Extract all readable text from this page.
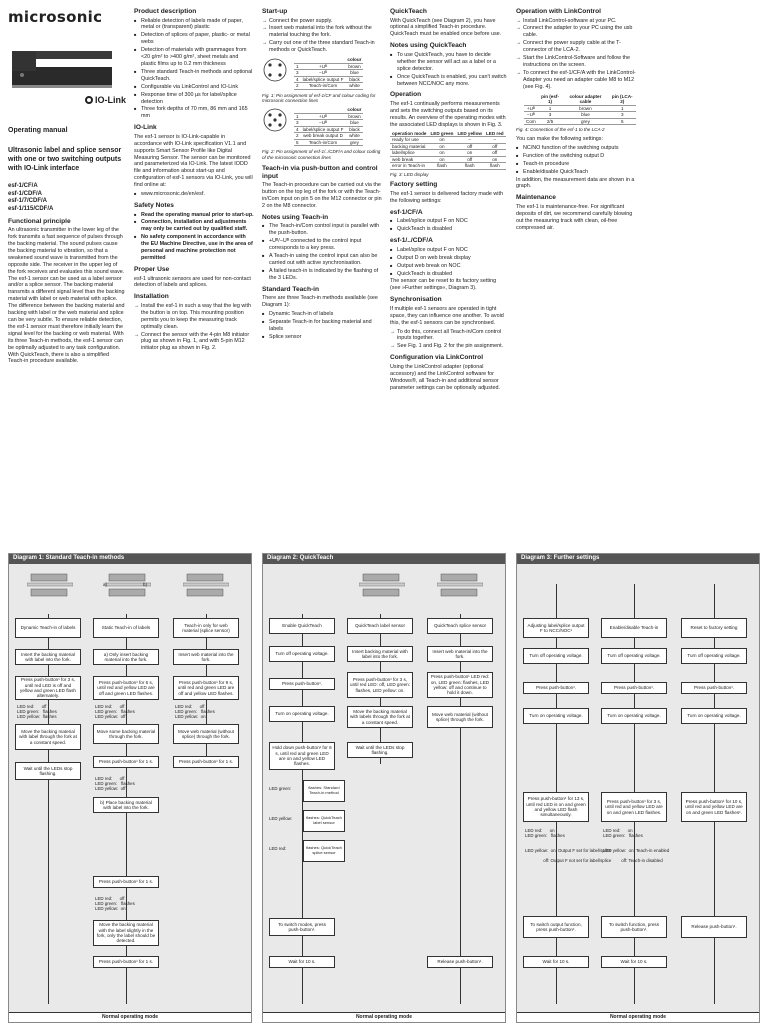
microsonic
IO-Link
Operating manual
Ultrasonic label and splice sensor with one or two switching outputs with IO-Link interface
esf-1/CF/A
esf-1/CDF/A
esf-1/7/CDF/A
esf-1/115/CDF/A
Functional principle

An ultrasonic transmitter in the lower leg of the fork transmits a fast sequence of pulses through the backing material. The sound pulses cause the backing material to vibration, so that a weakened sound wave is transmitted from the opposite side. The receiver in the upper leg of the fork receives and evaluates this sound wave. The esf-1 sensor can be used as a label sensor and/or a splice sensor. The backing material transmits a different signal level than the backing material with label or web material with splice. The difference between the backing material and backing with label or the web material and splice can be very subtle. To ensure reliable detection, the esf-1 sensor must therefore initially learn the signal level for the backing or web material. With its three Teach-in methods, the esf-1 sensor can be optimally adjusted to any task configuration. With QuickTeach, there is also a simplified Teach-in procedure available.

Product description
■ Reliable detection of labels made of paper, metal or (transparent) plastic
■ Detection of splices of paper, plastic- or metal webs
■ Detection of materials with grammages from <20 g/m² to >400 g/m², sheet metals and plastic films up to 0.2 mm thickness
■ Three standard Teach-in methods and optional QuickTeach.
■ Configurable via LinkControl and IO-Link
■ Response time of 300 µs for label/splice detection
■ Three fork depths of 70 mm, 86 mm and 165 mm
IO-Link

The esf-1 sensor is IO-Link-capable in accordance with IO-Link specification V1.1 and supports Smart Sensor Profile like Digital Measuring Sensor. The sensor can be monitored and parameterized via IO-Link. The latest IODD file and information about start-up and configuration of esf-1 sensors via IO-Link, you will find online at:

■ www.microsonic.de/en/esf.
Safety Notes
■ Read the operating manual prior to start-up.
■ Connection, installation and adjustments may only be carried out by qualified staff.
■ No safety component in accordance with the EU Machine Directive, use in the area of personal and machine protection not permitted
Proper Use

esf-1 ultrasonic sensors are used for non-contact detection of labels and splices.

Installation
→ Install the esf-1 in such a way that the leg with the button is on top. This mounting position permits you to keep the measuring track optimally clean.
→ Connect the sensor with the 4-pin M8 initiator plug as shown in Fig. 1, and with 5-pin M12 initiator plug as shown in Fig. 2.
Start-up
→ Connect the power supply.
→ Insert web material into the fork without the material touching the fork.
→ Carry out one of the three standard Teach-in methods or QuickTeach.
		colour
1	+Uᴮ	brown
3	−Uᴮ	blue
4	label/splice output F	black
2	Teach-in/Com	white
Fig. 1: Pin assignment of esf-1/CF and colour coding for microsonic connection lines
		colour
1	+Uᴮ	brown
3	−Uᴮ	blue
4	label/splice output F	black
2	web break output D	white
5	Teach-in/Com	grey
Fig. 2: Pin assignment of esf-1/../CDF/A and colour coding of the microsonic connection lines
Teach-in via push-button and control input

The Teach-in procedure can be carried out via the button on the top leg of the fork or with the Teach-in/Com input on pin 5 on the M12 connector or pin 2 on the M8 connector.

Notes using Teach-in
■ The Teach-in/Com control input is parallel with the push-button.
■ +Uᴮ/−Uᴮ connected to the control input corresponds to a key press.
■ A Teach-in using the control input can also be carried out with active synchronisation.
■ A failed teach-in is indicated by the flashing of the 3 LEDs.
Standard Teach-in

There are three Teach-in methods available (see Diagram 1):

■ Dynamic Teach-in of labels
■ Separate Teach-in for backing material and labels
■ Splice sensor
QuickTeach

With QuickTeach (see Diagram 2), you have optional a simplified Teach-in procedure. QuickTeach must be enabled once before use.

Notes using QuickTeach
■ To use QuickTeach, you have to decide whether the sensor will act as a label or a splice detector.
■ Once QuickTeach is enabled, you can't switch between NCC/NOC any more.
Operation

The esf-1 continually performs measurements and sets the switching outputs based on its results. An overview of the operating modes with the associated LED displays is shown in Fig. 3.

operation mode	LED green	LED yellow	LED red
ready for use	on	–	–
backing material	on	off	off
label/splice	on	on	off
web break	on	off	on
error in Teach-in	flash	flash	flash
Fig. 3: LED display
Factory setting

The esf-1 sensor is delivered factory made with the following settings:

esf-1/CF/A
■ Label/splice output F on NOC
■ QuickTeach is disabled
esf-1/../CDF/A
■ Label/splice output F on NOC
■ Output D on web break display
■ Output web break on NOC
■ QuickTeach is disabled

The sensor can be reset to its factory setting (see »Further settings«, Diagram 3).

Synchronisation

If multiple esf-1 sensors are operated in tight space, they can influence one another. To avoid this, the esf-1 sensors can be synchronised.

→ To do this, connect all Teach-in/Com control inputs together.
→ See Fig. 1 and Fig. 2 for the pin assignment.
Configuration via LinkControl

Using the LinkControl adapter (optional accessory) and the LinkControl software for Windows®, all Teach-in and additional sensor parameter settings can be optionally adjusted.

Operation with LinkControl
→ Install LinkControl-software at your PC.
→ Connect the adapter to your PC using the usb cable.
→ Connect the power supply cable at the T-connector of the LCA-2.
→ Start the LinkControl-Software and follow the instructions on the screen.
→ To connect the esf-1/CF/A with the LinkControl-Adapter you need an adapter cable M8 to M12 (see Fig. 4).
	pin (esf-1)	colour adapter cable	pin (LCA-2)
+Uᴮ	1	brown	1
−Uᴮ	3	blue	3
Com	2/5	grey	5
Fig. 4: Connection of the esf-1 to the LCA-2

You can make the following settings:

■ NC/NO function of the switching outputs
■ Function of the switching output D
■ Teach-in procedure
■ Enable/disable QuickTeach

In addition, the measurement data are shown in a graph.

Maintenance

The esf-1 is maintenance-free. For significant deposits of dirt, we recommend carefully blowing out the measuring track with clean, oil-free compressed air.

Diagram 1: Standard Teach-in methods
a)	b)
Dynamic Teach-in of labels	Static Teach-in of labels
Teach-in only for web material (splice sensor)
Insert the backing material with label into the fork.
Press push-button¹ for 3 s, until red LED is off and yellow and green LED flash alternately.
LED red:      off
LED green:   flashes
LED yellow:  flashes
Move the backing material with label through the fork at a constant speed.
Wait until the LEDs stop flashing.
a) Only insert backing material into the fork.
Press push-button¹ for 6 s, until red and yellow LED are off and green LED flashes.
LED red:      off
LED green:   flashes
LED yellow:  off
Move some backing material through the fork.
Press push-button¹ for 1 s.
LED red:      off
LED green:   flashes
LED yellow:  off
b) Place backing material with label into the fork.
Press push-button¹ for 1 s.
LED red:      off
LED green:   flashes
LED yellow:  on
Move the backing material with the label slightly in the fork, only the label should be detected.
Press push-button¹ for 1 s.
Insert web material into the fork.
Press push-button¹ for 9 s, until red and green LED are off and yellow LED flashes.
LED red:      off
LED green:   flashes
LED yellow:  on
Move web material (without splice) through the fork.
Press push-button¹ for 1 s.
Normal operating mode
Diagram 2: QuickTeach
Enable QuickTeach	QuickTeach label sensor	QuickTeach splice sensor
Turn off operating voltage.
Press push-button¹.
Turn on operating voltage.
Hold down push-button¹ for 6 s, until red and green LED are on and yellow LED flashes.
LED green:
LED yellow:
LED red:
flashes: Standard Teach-in method
flashes: QuickTeach label sensor
flashes: QuickTeach splice sensor
To switch modes, press push-button¹.
Wait for 10 s.
Insert backing material with label into the fork.
Press push-button¹ for 3 s, until red LED: off, LED green: flashes, LED yellow: on.
Move the backing material with labels through the fork at a constant speed.
Wait until the LEDs stop flashing.
Insert web material into the fork.
Press push-button¹ LED red: on, LED green: flashes, LED yellow: off and continue to hold it down.
Move web material (without splice) through the fork.
Release push-button¹.
Normal operating mode
Diagram 3: Further settings
Adjusting label/splice output F to NCC/NOC¹
Enable/disable Teach-in	Reset to factory setting
Turn off operating voltage.
Press push-button¹.
Turn on operating voltage.
Press push-button¹ for 13 s, until red LED is on and green and yellow LED flash simultaneously.
LED red:      on
LED green:   flashes
LED yellow:  on: Output F set for label/splice

off: Output F not set for label/splice
To switch output function, press push-button¹.
Wait for 10 s.
Turn off operating voltage.
Press push-button¹.
Turn on operating voltage.
Press push-button¹ for 3 s, until red and yellow LED are on and green LED flashes.
LED red:      on
LED green:   flashes
LED yellow:  on: Teach-in enabled

off: Teach-in disabled
To switch function, press push-button¹.
Wait for 10 s.
Turn off operating voltage.
Press push-button¹.
Turn on operating voltage.
Press push-button¹ for 10 s, until red and yellow LED are on and green LED flashes¹.
Release push-button¹.
Normal operating mode
